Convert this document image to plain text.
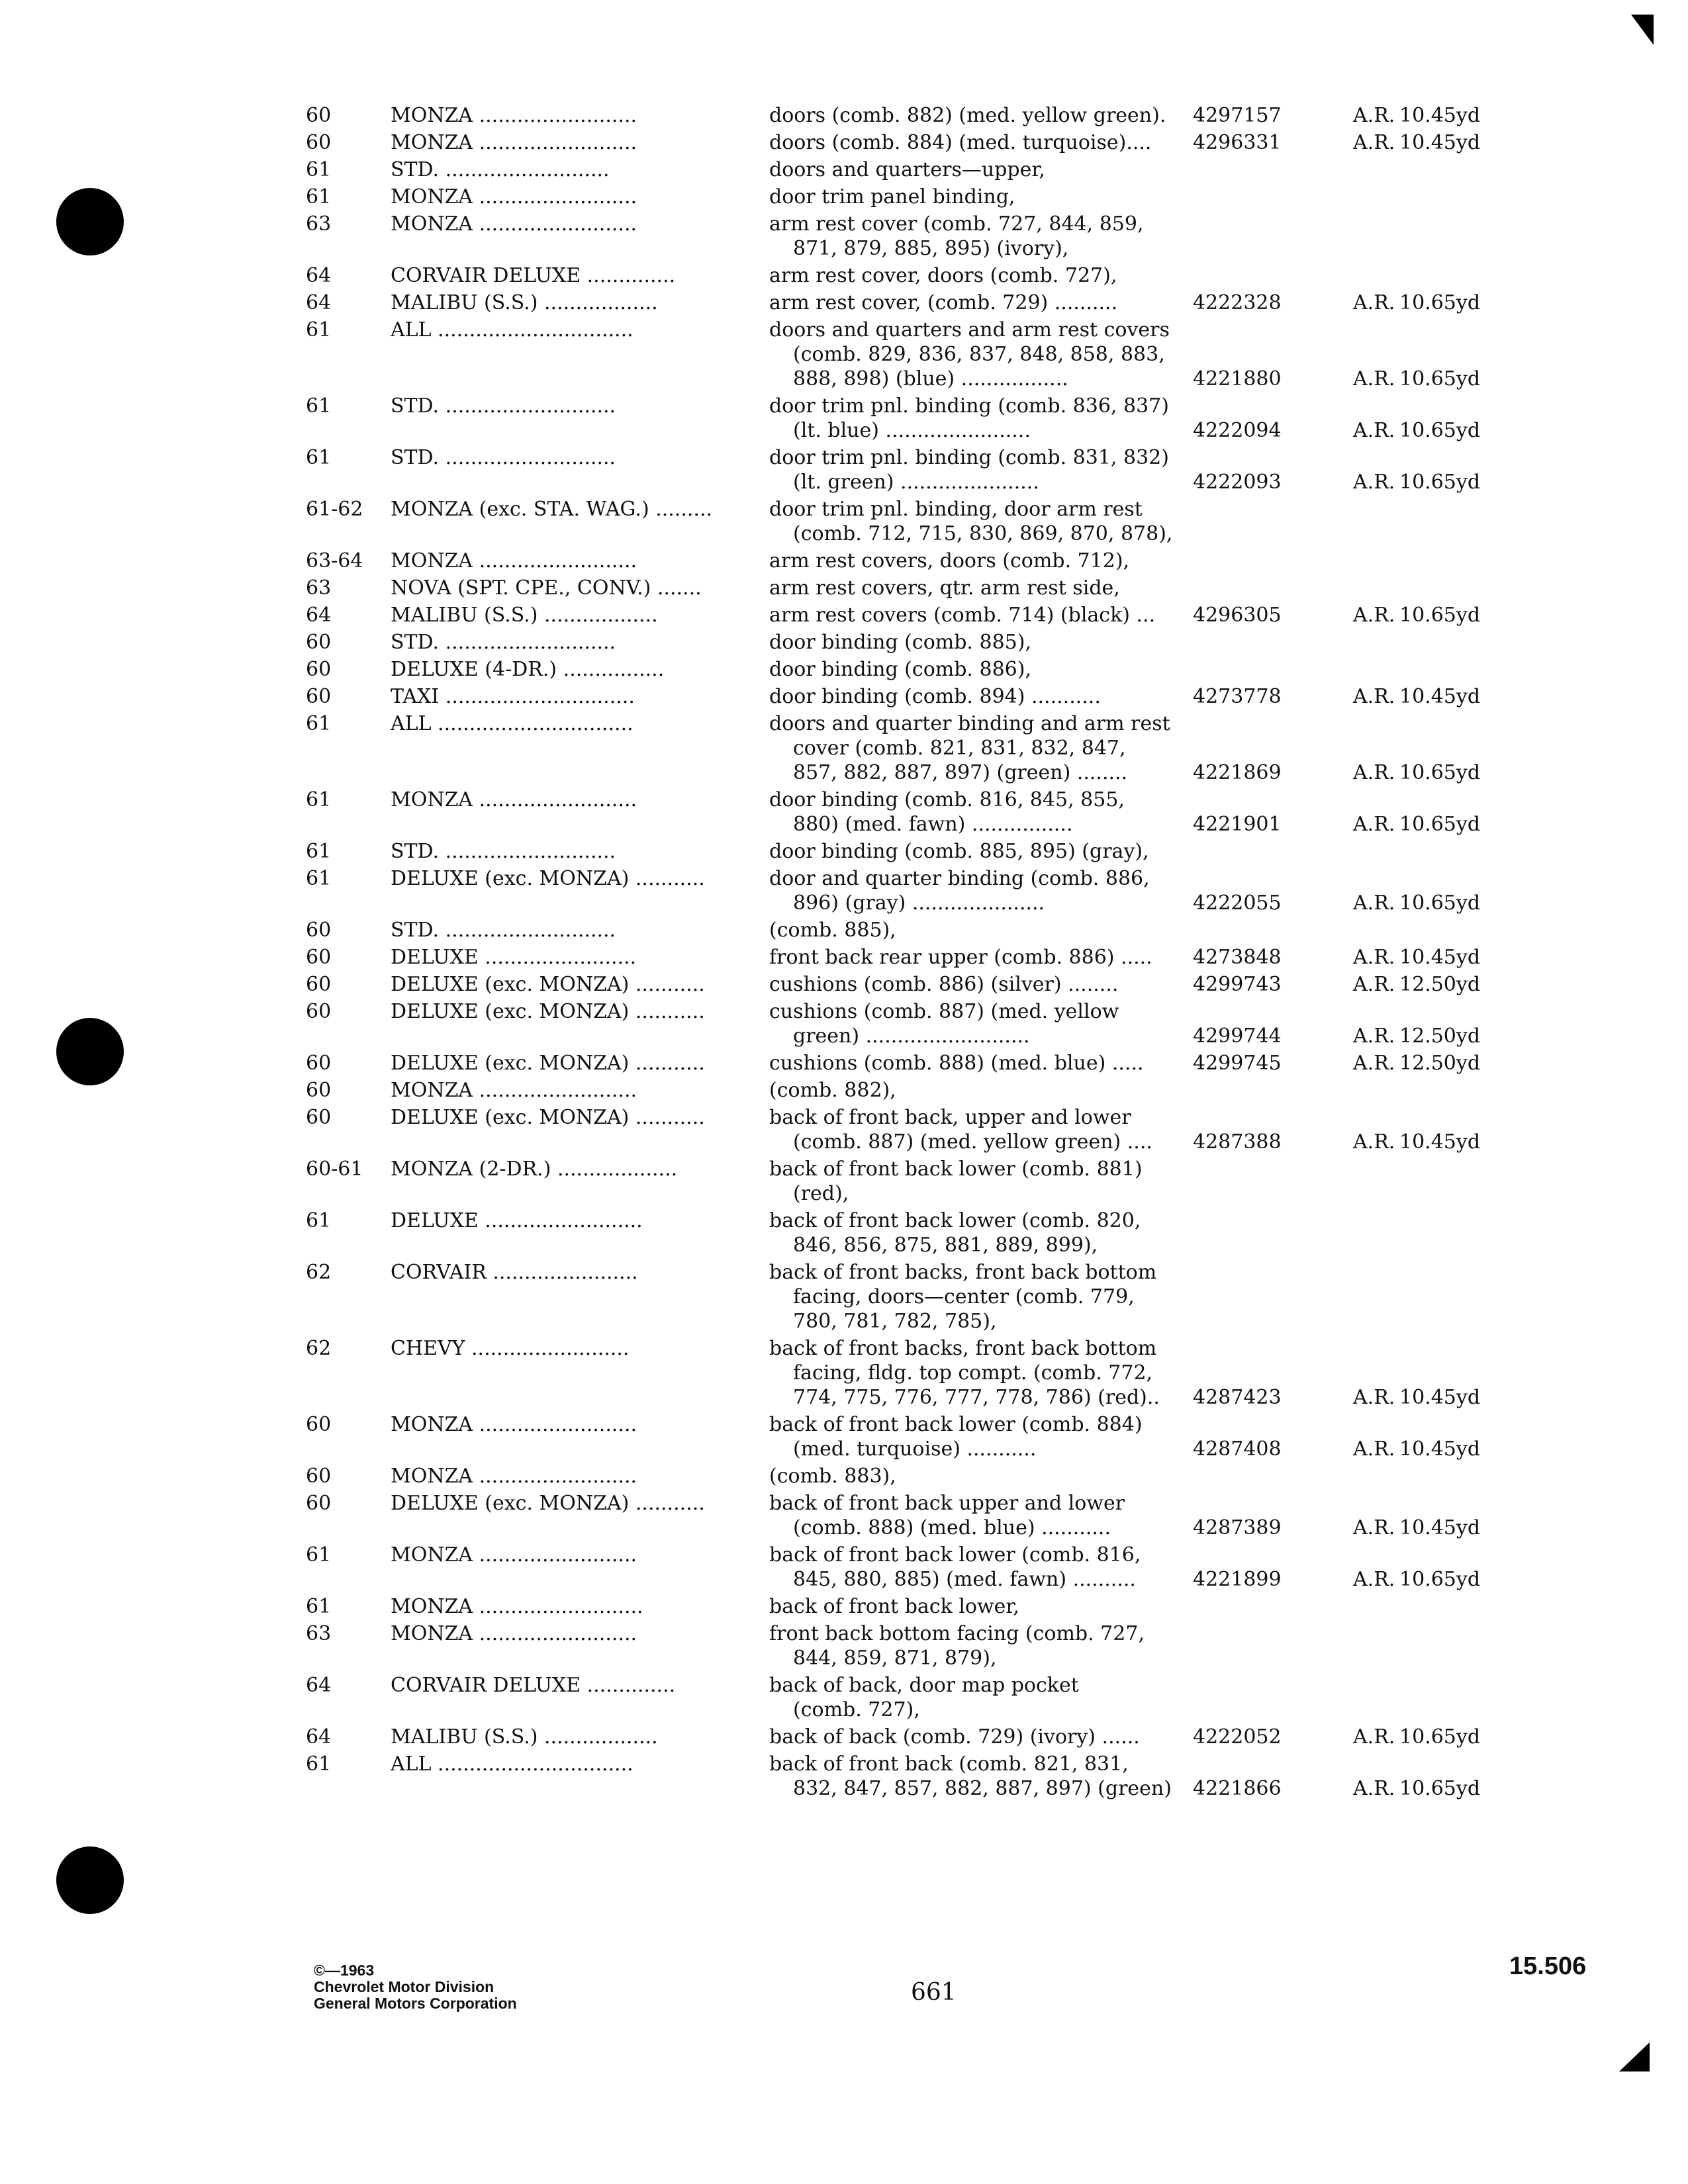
60	MONZA .........................	doors (comb. 882) (med. yellow green).	4297157	A.R. 10.45yd
60	MONZA .........................	doors (comb. 884) (med. turquoise)....	4296331	A.R. 10.45yd
61	STD. ..........................	doors and quarters—upper,
61	MONZA .........................	door trim panel binding,
63	MONZA .........................	arm rest cover (comb. 727, 844, 859,
871, 879, 885, 895) (ivory),
64	CORVAIR DELUXE ..............	arm rest cover, doors (comb. 727),
64	MALIBU (S.S.) ..................	arm rest cover, (comb. 729) ..........	4222328	A.R. 10.65yd
61	ALL ...............................	doors and quarters and arm rest covers
(comb. 829, 836, 837, 848, 858, 883,
888, 898) (blue) .................	4221880	A.R. 10.65yd
61	STD. ...........................	door trim pnl. binding (comb. 836, 837)
(lt. blue) .......................	4222094	A.R. 10.65yd
61	STD. ...........................	door trim pnl. binding (comb. 831, 832)
(lt. green) ......................	4222093	A.R. 10.65yd
61-62	MONZA (exc. STA. WAG.) .........	door trim pnl. binding, door arm rest
(comb. 712, 715, 830, 869, 870, 878),
63-64	MONZA .........................	arm rest covers, doors (comb. 712),
63	NOVA (SPT. CPE., CONV.) .......	arm rest covers, qtr. arm rest side,
64	MALIBU (S.S.) ..................	arm rest covers (comb. 714) (black) ...	4296305	A.R. 10.65yd
60	STD. ...........................	door binding (comb. 885),
60	DELUXE (4-DR.) ................	door binding (comb. 886),
60	TAXI ..............................	door binding (comb. 894) ...........	4273778	A.R. 10.45yd
61	ALL ...............................	doors and quarter binding and arm rest
cover (comb. 821, 831, 832, 847,
857, 882, 887, 897) (green) ........	4221869	A.R. 10.65yd
61	MONZA .........................	door binding (comb. 816, 845, 855,
880) (med. fawn) ................	4221901	A.R. 10.65yd
61	STD. ...........................	door binding (comb. 885, 895) (gray),
61	DELUXE (exc. MONZA) ...........	door and quarter binding (comb. 886,
896) (gray) .....................	4222055	A.R. 10.65yd
60	STD. ...........................	(comb. 885),
60	DELUXE ........................	front back rear upper (comb. 886) .....	4273848	A.R. 10.45yd
60	DELUXE (exc. MONZA) ...........	cushions (comb. 886) (silver) ........	4299743	A.R. 12.50yd
60	DELUXE (exc. MONZA) ...........	cushions (comb. 887) (med. yellow
green) ..........................	4299744	A.R. 12.50yd
60	DELUXE (exc. MONZA) ...........	cushions (comb. 888) (med. blue) .....	4299745	A.R. 12.50yd
60	MONZA .........................	(comb. 882),
60	DELUXE (exc. MONZA) ...........	back of front back, upper and lower
(comb. 887) (med. yellow green) ....	4287388	A.R. 10.45yd
60-61	MONZA (2-DR.) ...................	back of front back lower (comb. 881)
(red),
61	DELUXE .........................	back of front back lower (comb. 820,
846, 856, 875, 881, 889, 899),
62	CORVAIR .......................	back of front backs, front back bottom
facing, doors—center (comb. 779,
780, 781, 782, 785),
62	CHEVY .........................	back of front backs, front back bottom
facing, fldg. top compt. (comb. 772,
774, 775, 776, 777, 778, 786) (red)..	4287423	A.R. 10.45yd
60	MONZA .........................	back of front back lower (comb. 884)
(med. turquoise) ...........	4287408	A.R. 10.45yd
60	MONZA .........................	(comb. 883),
60	DELUXE (exc. MONZA) ...........	back of front back upper and lower
(comb. 888) (med. blue) ...........	4287389	A.R. 10.45yd
61	MONZA .........................	back of front back lower (comb. 816,
845, 880, 885) (med. fawn) ..........	4221899	A.R. 10.65yd
61	MONZA ..........................	back of front back lower,
63	MONZA .........................	front back bottom facing (comb. 727,
844, 859, 871, 879),
64	CORVAIR DELUXE ..............	back of back, door map pocket
(comb. 727),
64	MALIBU (S.S.) ..................	back of back (comb. 729) (ivory) ......	4222052	A.R. 10.65yd
61	ALL ...............................	back of front back (comb. 821, 831,
832, 847, 857, 882, 887, 897) (green)	4221866	A.R. 10.65yd
©—1963
Chevrolet Motor Division
General Motors Corporation	661
15.506
